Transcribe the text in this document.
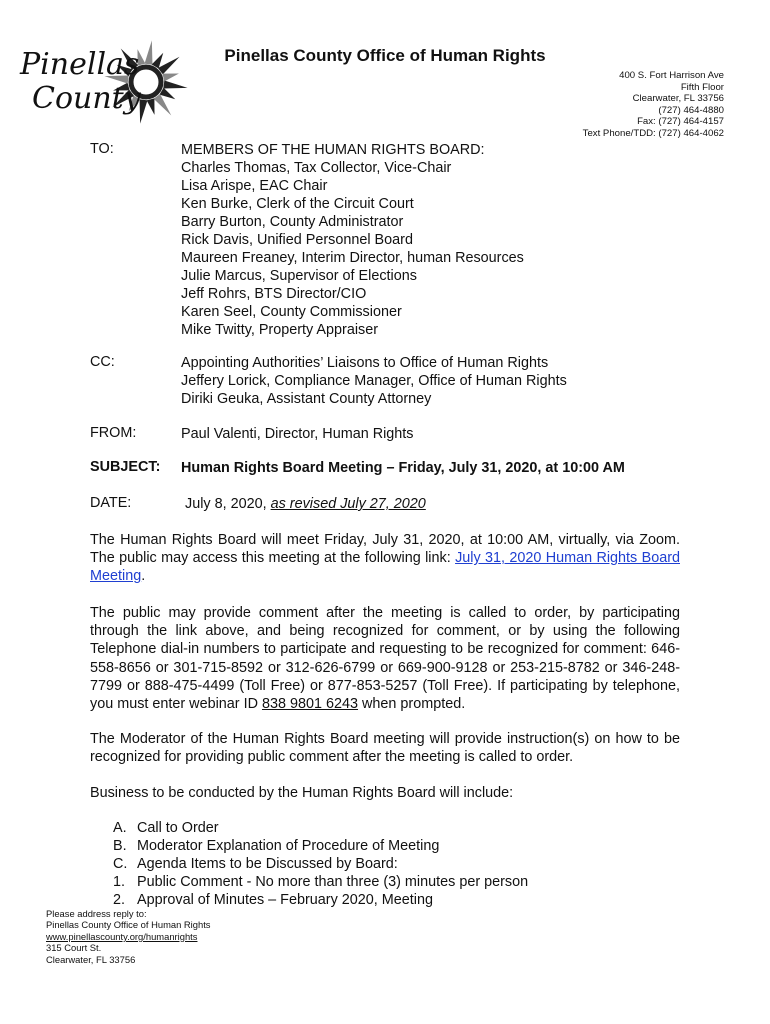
Pinellas
County
Pinellas County Office of Human Rights
400 S. Fort Harrison Ave
Fifth Floor
Clearwater, FL 33756
(727) 464-4880
Fax: (727) 464-4157
Text Phone/TDD: (727) 464-4062
TO:	MEMBERS OF THE HUMAN RIGHTS BOARD:
Charles Thomas, Tax Collector, Vice-Chair
Lisa Arispe, EAC Chair
Ken Burke, Clerk of the Circuit Court
Barry Burton, County Administrator
Rick Davis, Unified Personnel Board
Maureen Freaney, Interim Director, human Resources
Julie Marcus, Supervisor of Elections
Jeff Rohrs, BTS Director/CIO
Karen Seel, County Commissioner
Mike Twitty, Property Appraiser
CC:	Appointing Authorities’ Liaisons to Office of Human Rights
Jeffery Lorick, Compliance Manager, Office of Human Rights
Diriki Geuka, Assistant County Attorney
FROM:	Paul Valenti, Director, Human Rights
SUBJECT: Human Rights Board Meeting – Friday, July 31, 2020, at 10:00 AM
DATE:	July 8, 2020, as revised July 27, 2020
The Human Rights Board will meet Friday, July 31, 2020, at 10:00 AM, virtually, via Zoom. The public may access this meeting at the following link: July 31, 2020 Human Rights Board Meeting.
The public may provide comment after the meeting is called to order, by participating through the link above, and being recognized for comment, or by using the following Telephone dial-in numbers to participate and requesting to be recognized for comment: 646-558-8656 or 301-715-8592 or 312-626-6799 or 669-900-9128 or 253-215-8782 or 346-248-7799 or 888-475-4499 (Toll Free) or 877-853-5257 (Toll Free). If participating by telephone, you must enter webinar ID 838 9801 6243 when prompted.
The Moderator of the Human Rights Board meeting will provide instruction(s) on how to be recognized for providing public comment after the meeting is called to order.
Business to be conducted by the Human Rights Board will include:
A. Call to Order
B. Moderator Explanation of Procedure of Meeting
C. Agenda Items to be Discussed by Board:
1. Public Comment - No more than three (3) minutes per person
2. Approval of Minutes – February 2020, Meeting
Please address reply to:
Pinellas County Office of Human Rights
www.pinellascounty.org/humanrights
315 Court St.
Clearwater, FL 33756
